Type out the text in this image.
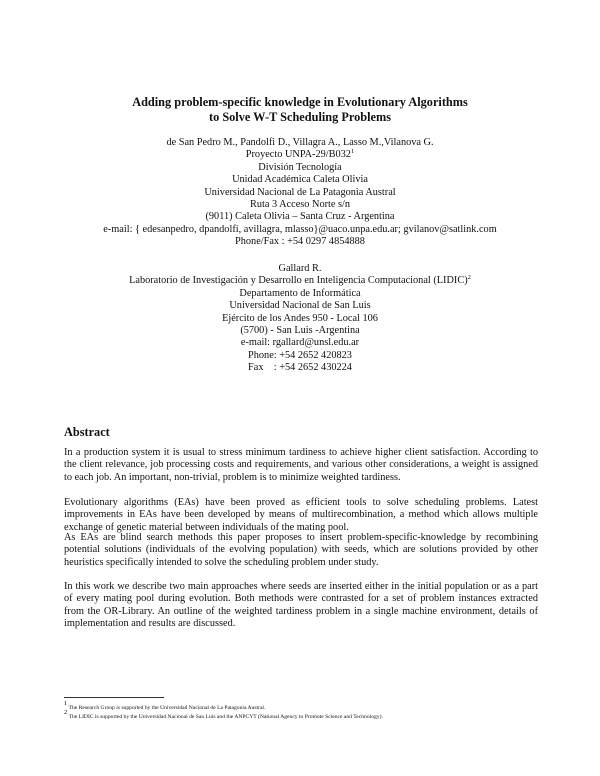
Adding problem-specific knowledge in Evolutionary Algorithms
to Solve W-T Scheduling Problems
de San Pedro M., Pandolfi D., Villagra A., Lasso M.,Vilanova G.
Proyecto UNPA-$29/B032^1$
División Tecnología
Unidad Académica Caleta Olivia
Universidad Nacional de La Patagonia Austral
Ruta 3 Acceso Norte s/n
(9011) Caleta Olivia – Santa Cruz - Argentina
e-mail: { edesanpedro, dpandolfi, avillagra, mlasso}@uaco.unpa.edu.ar; gvilanov@satlink.com
Phone/Fax : +54 0297 4854888
Gallard R.
Laboratorio de Investigación y Desarrollo en Inteligencia Computacional (LIDIC)$^2$
Departamento de Informática
Universidad Nacional de San Luis
Ejército de los Andes 950 - Local 106
(5700) - San Luis -Argentina
e-mail: rgallard@unsl.edu.ar
Phone: +54 2652 420823
Fax    : +54 2652 430224
Abstract

In a production system it is usual to stress minimum tardiness to achieve higher client satisfaction. According to the client relevance, job processing costs and requirements, and various other considerations, a weight is assigned to each job. An important, non-trivial, problem is to minimize weighted tardiness.

Evolutionary algorithms (EAs) have been proved as efficient tools to solve scheduling problems. Latest improvements in EAs have been developed by means of multirecombination, a method which allows multiple exchange of genetic material between individuals of the mating pool.

As EAs are blind search methods this paper proposes to insert problem-specific-knowledge by recombining potential solutions (individuals of the evolving population) with seeds, which are solutions provided by other heuristics specifically intended to solve the scheduling problem under study.

In this work we describe two main approaches where seeds are inserted either in the initial population or as a part of every mating pool during evolution. Both methods were contrasted for a set of problem instances extracted from the OR-Library. An outline of the weighted tardiness problem in a single machine environment, details of implementation and results are discussed.

$^1$ The Research Group is supported by the Universidad Nacional de La Patagonia Austral.
$^2$ The LIDIC is supported by the Universidad Nacional de San Luis and the ANPCYT (National Agency to Promote Science and Technology).
